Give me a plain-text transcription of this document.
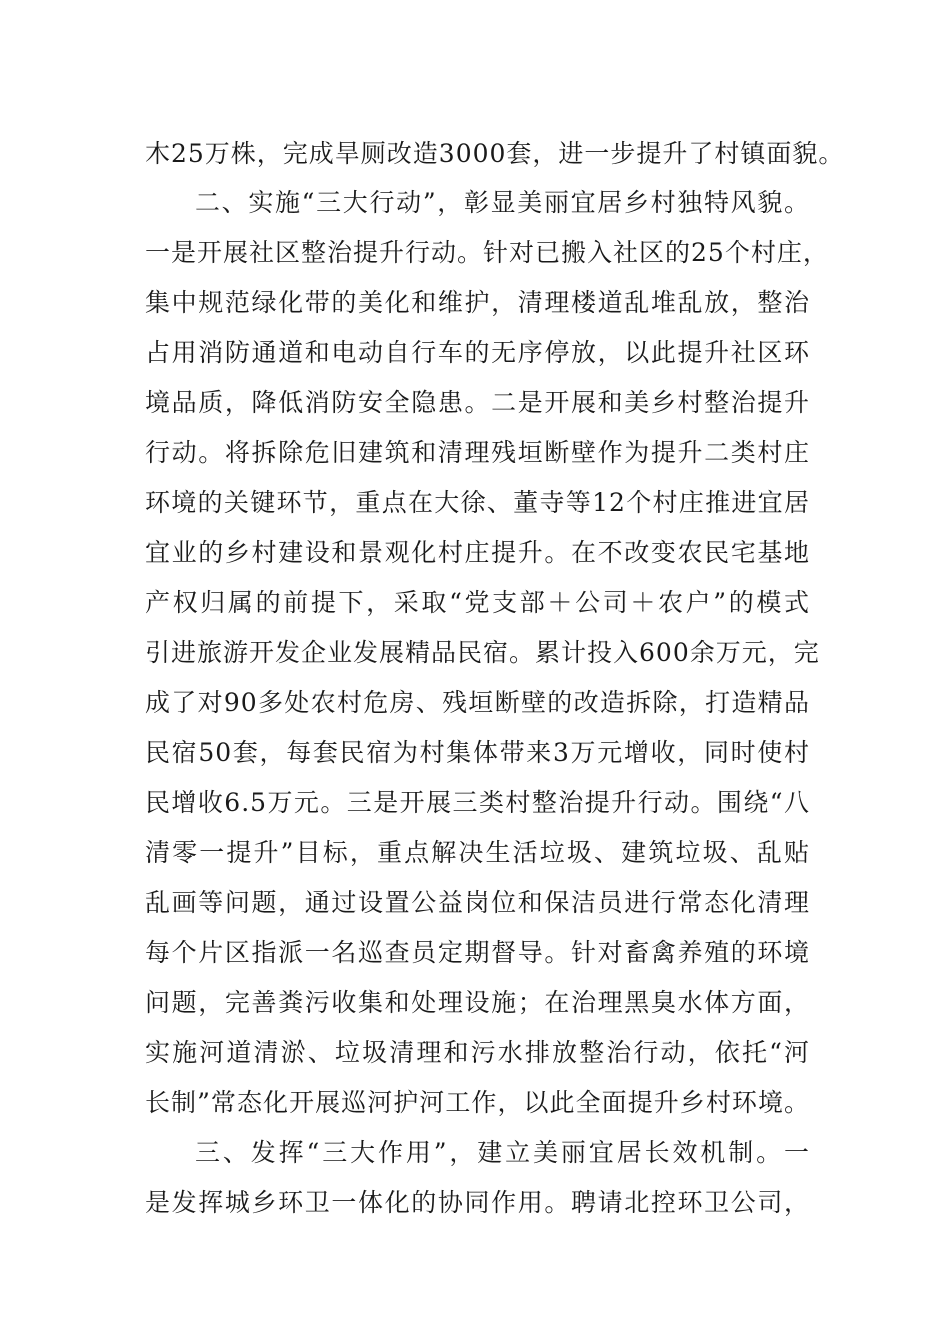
木25万株，完成旱厕改造3000套，进一步提升了村镇面貌。
二、实施“三大行动”，彰显美丽宜居乡村独特风貌。
一是开展社区整治提升行动。针对已搬入社区的25个村庄，
集中规范绿化带的美化和维护，清理楼道乱堆乱放，整治
占用消防通道和电动自行车的无序停放，以此提升社区环
境品质，降低消防安全隐患。二是开展和美乡村整治提升
行动。将拆除危旧建筑和清理残垣断壁作为提升二类村庄
环境的关键环节，重点在大徐、董寺等12个村庄推进宜居
宜业的乡村建设和景观化村庄提升。在不改变农民宅基地
产权归属的前提下，采取“党支部＋公司＋农户”的模式
引进旅游开发企业发展精品民宿。累计投入600余万元，完
成了对90多处农村危房、残垣断壁的改造拆除，打造精品
民宿50套，每套民宿为村集体带来3万元增收，同时使村
民增收6.5万元。三是开展三类村整治提升行动。围绕“八
清零一提升”目标，重点解决生活垃圾、建筑垃圾、乱贴
乱画等问题，通过设置公益岗位和保洁员进行常态化清理
每个片区指派一名巡查员定期督导。针对畜禽养殖的环境
问题，完善粪污收集和处理设施；在治理黑臭水体方面，
实施河道清淤、垃圾清理和污水排放整治行动，依托“河
长制”常态化开展巡河护河工作，以此全面提升乡村环境。
三、发挥“三大作用”，建立美丽宜居长效机制。一
是发挥城乡环卫一体化的协同作用。聘请北控环卫公司，
